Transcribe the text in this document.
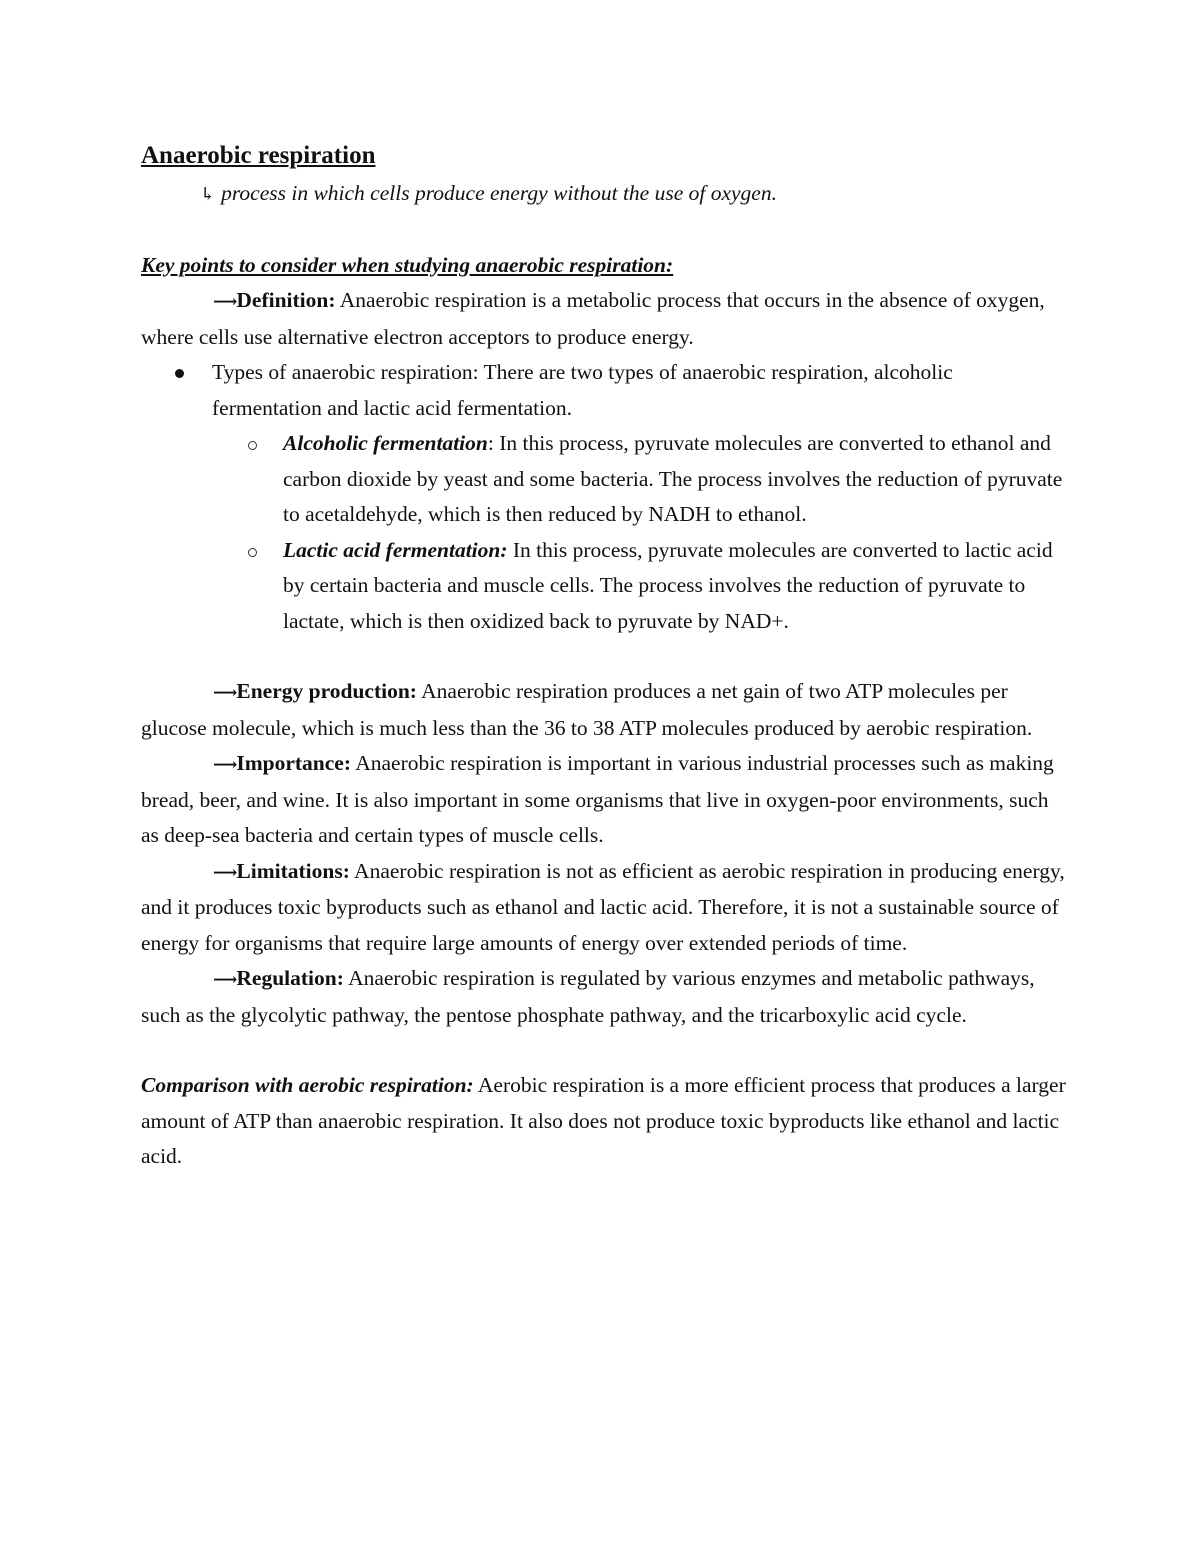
Anaerobic respiration

↳ process in which cells produce energy without the use of oxygen.

Key points to consider when studying anaerobic respiration:

⟶Definition: Anaerobic respiration is a metabolic process that occurs in the absence of oxygen, where cells use alternative electron acceptors to produce energy.

Types of anaerobic respiration: There are two types of anaerobic respiration, alcoholic fermentation and lactic acid fermentation.
Alcoholic fermentation: In this process, pyruvate molecules are converted to ethanol and carbon dioxide by yeast and some bacteria. The process involves the reduction of pyruvate to acetaldehyde, which is then reduced by NADH to ethanol.
Lactic acid fermentation: In this process, pyruvate molecules are converted to lactic acid by certain bacteria and muscle cells. The process involves the reduction of pyruvate to lactate, which is then oxidized back to pyruvate by NAD+.

⟶Energy production: Anaerobic respiration produces a net gain of two ATP molecules per glucose molecule, which is much less than the 36 to 38 ATP molecules produced by aerobic respiration.

⟶Importance: Anaerobic respiration is important in various industrial processes such as making bread, beer, and wine. It is also important in some organisms that live in oxygen-poor environments, such as deep-sea bacteria and certain types of muscle cells.

⟶Limitations: Anaerobic respiration is not as efficient as aerobic respiration in producing energy, and it produces toxic byproducts such as ethanol and lactic acid. Therefore, it is not a sustainable source of energy for organisms that require large amounts of energy over extended periods of time.

⟶Regulation: Anaerobic respiration is regulated by various enzymes and metabolic pathways, such as the glycolytic pathway, the pentose phosphate pathway, and the tricarboxylic acid cycle.

Comparison with aerobic respiration: Aerobic respiration is a more efficient process that produces a larger amount of ATP than anaerobic respiration. It also does not produce toxic byproducts like ethanol and lactic acid.
